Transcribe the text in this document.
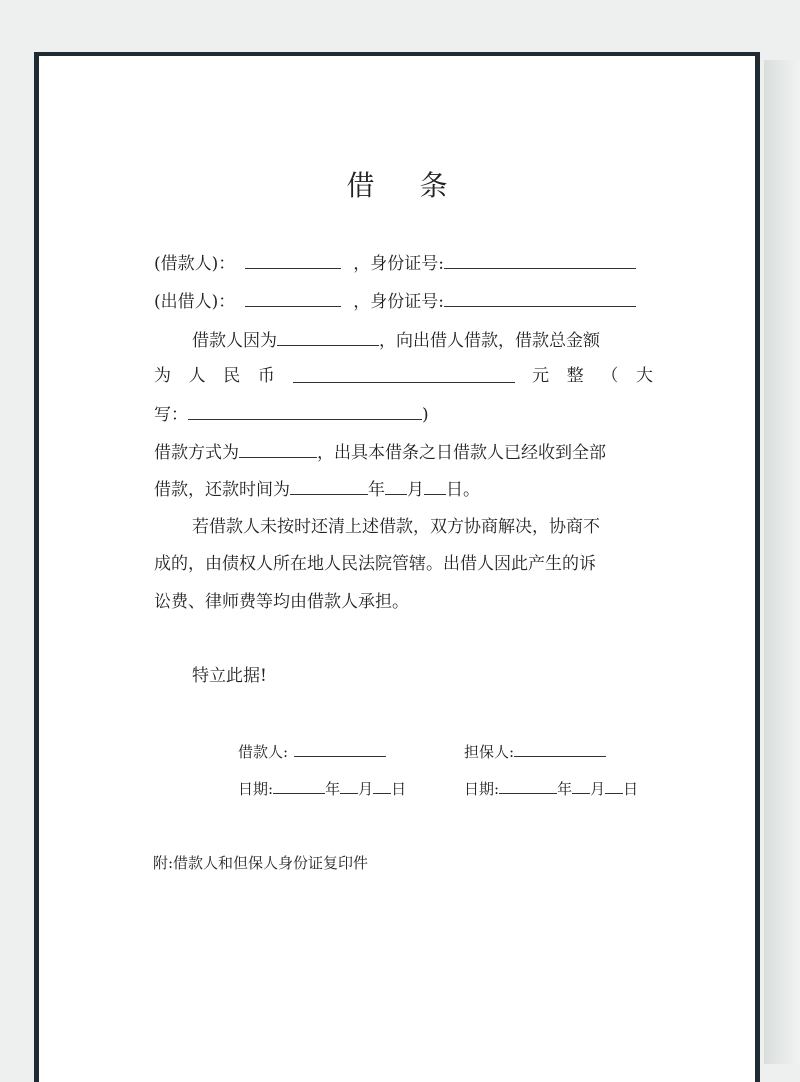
借 条
(借款人)：	，身份证号:
(出借人)：	，身份证号:
借款人因为	，向出借人借款，借款总金额
为 人 民 币	元 整 （ 大
写：	)
借款方式为	，出具本借条之日借款人已经收到全部
借款，还款时间为	年 月 日。
若借款人未按时还清上述借款，双方协商解决，协商不
成的，由债权人所在地人民法院管辖。出借人因此产生的诉
讼费、律师费等均由借款人承担。
特立此据!
借款人:	担保人:
日期:	年 月 日	日期:	年 月 日
附:借款人和但保人身份证复印件
